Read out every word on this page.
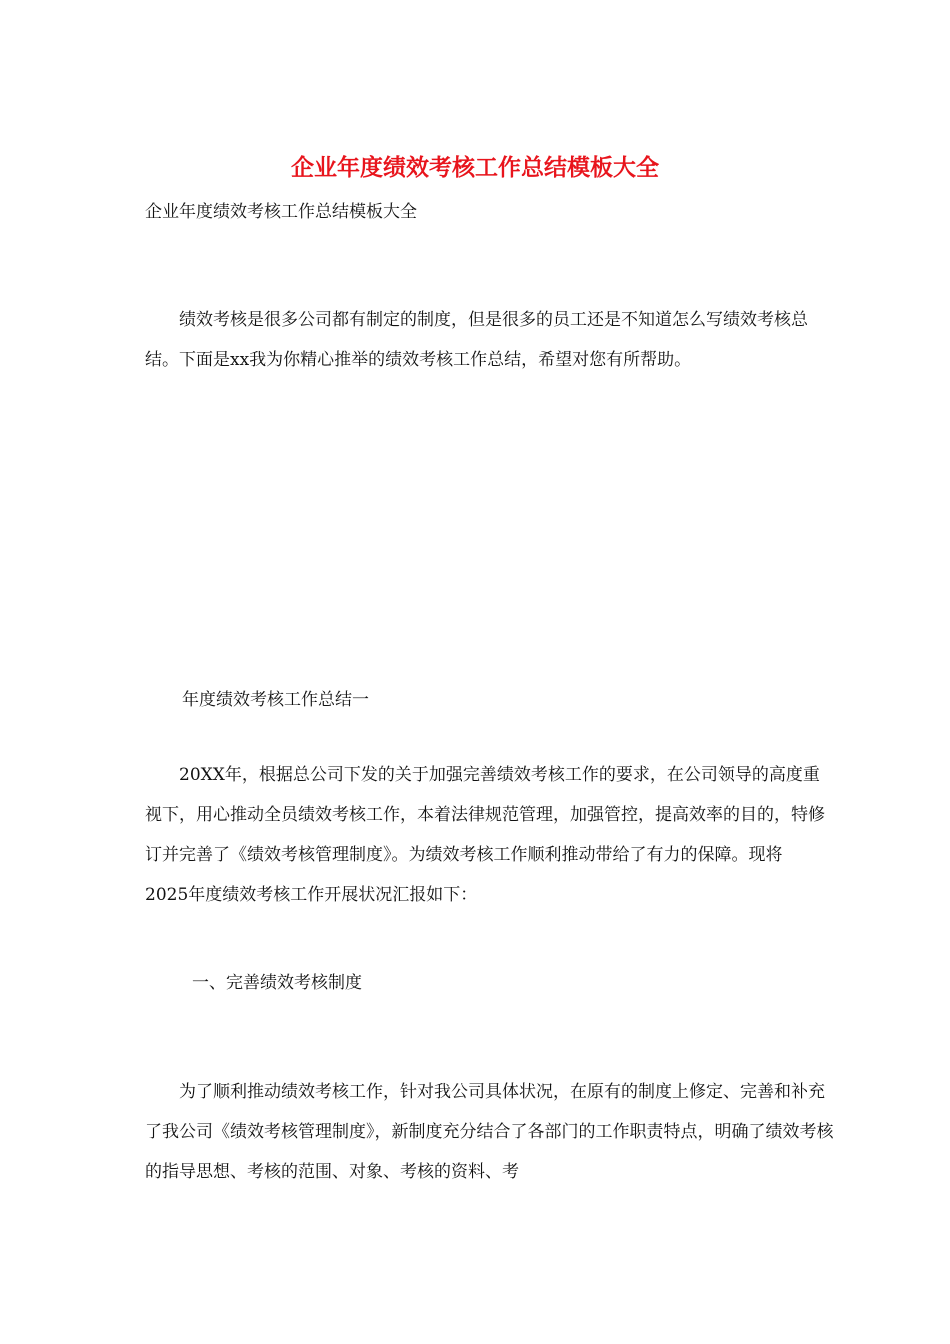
企业年度绩效考核工作总结模板大全

企业年度绩效考核工作总结模板大全

绩效考核是很多公司都有制定的制度，但是很多的员工还是不知道怎么写绩效考核总结。下面是xx我为你精心推举的绩效考核工作总结，希望对您有所帮助。

年度绩效考核工作总结一

20XX年，根据总公司下发的关于加强完善绩效考核工作的要求，在公司领导的高度重视下，用心推动全员绩效考核工作，本着法律规范管理，加强管控，提高效率的目的，特修订并完善了《绩效考核管理制度》。为绩效考核工作顺利推动带给了有力的保障。现将2025年度绩效考核工作开展状况汇报如下：

一、完善绩效考核制度

为了顺利推动绩效考核工作，针对我公司具体状况，在原有的制度上修定、完善和补充了我公司《绩效考核管理制度》，新制度充分结合了各部门的工作职责特点，明确了绩效考核的指导思想、考核的范围、对象、考核的资料、考
